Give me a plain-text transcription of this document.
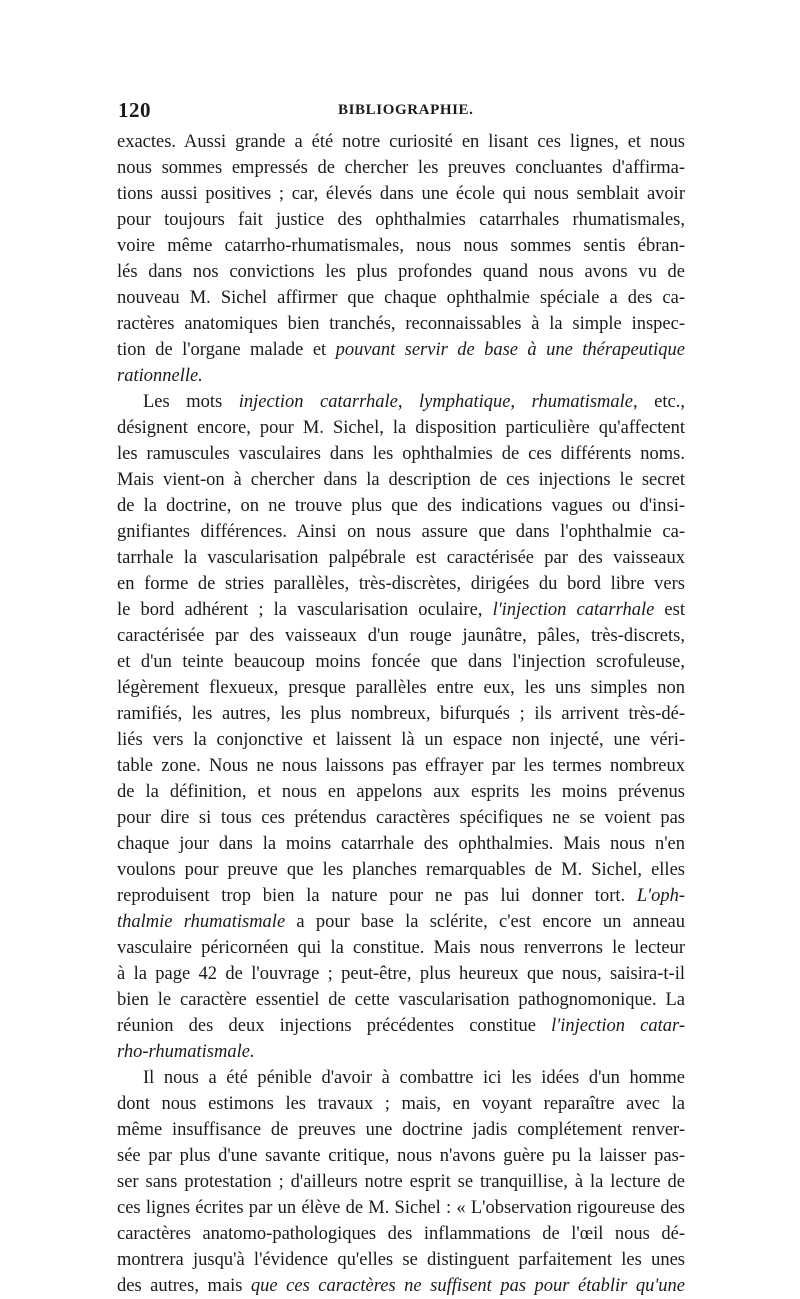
120	BIBLIOGRAPHIE.
exactes. Aussi grande a été notre curiosité en lisant ces lignes, et nous
nous sommes empressés de chercher les preuves concluantes d'affirma-
tions aussi positives ; car, élevés dans une école qui nous semblait avoir
pour toujours fait justice des ophthalmies catarrhales rhumatismales,
voire même catarrho-rhumatismales, nous nous sommes sentis ébran-
lés dans nos convictions les plus profondes quand nous avons vu de
nouveau M. Sichel affirmer que chaque ophthalmie spéciale a des ca-
ractères anatomiques bien tranchés, reconnaissables à la simple inspec-
tion de l'organe malade et pouvant servir de base à une thérapeutique
rationnelle.
Les mots injection catarrhale, lymphatique, rhumatismale, etc.,
désignent encore, pour M. Sichel, la disposition particulière qu'affectent
les ramuscules vasculaires dans les ophthalmies de ces différents noms.
Mais vient-on à chercher dans la description de ces injections le secret
de la doctrine, on ne trouve plus que des indications vagues ou d'insi-
gnifiantes différences. Ainsi on nous assure que dans l'ophthalmie ca-
tarrhale la vascularisation palpébrale est caractérisée par des vaisseaux
en forme de stries parallèles, très-discrètes, dirigées du bord libre vers
le bord adhérent ; la vascularisation oculaire, l'injection catarrhale est
caractérisée par des vaisseaux d'un rouge jaunâtre, pâles, très-discrets,
et d'un teinte beaucoup moins foncée que dans l'injection scrofuleuse,
légèrement flexueux, presque parallèles entre eux, les uns simples non
ramifiés, les autres, les plus nombreux, bifurqués ; ils arrivent très-dé-
liés vers la conjonctive et laissent là un espace non injecté, une véri-
table zone. Nous ne nous laissons pas effrayer par les termes nombreux
de la définition, et nous en appelons aux esprits les moins prévenus
pour dire si tous ces prétendus caractères spécifiques ne se voient pas
chaque jour dans la moins catarrhale des ophthalmies. Mais nous n'en
voulons pour preuve que les planches remarquables de M. Sichel, elles
reproduisent trop bien la nature pour ne pas lui donner tort. L'oph-
thalmie rhumatismale a pour base la sclérite, c'est encore un anneau
vasculaire péricornéen qui la constitue. Mais nous renverrons le lecteur
à la page 42 de l'ouvrage ; peut-être, plus heureux que nous, saisira-t-il
bien le caractère essentiel de cette vascularisation pathognomonique. La
réunion des deux injections précédentes constitue l'injection catar-
rho-rhumatismale.
Il nous a été pénible d'avoir à combattre ici les idées d'un homme
dont nous estimons les travaux ; mais, en voyant reparaître avec la
même insuffisance de preuves une doctrine jadis complétement renver-
sée par plus d'une savante critique, nous n'avons guère pu la laisser pas-
ser sans protestation ; d'ailleurs notre esprit se tranquillise, à la lecture de
ces lignes écrites par un élève de M. Sichel : « L'observation rigoureuse des
caractères anatomo-pathologiques des inflammations de l'œil nous dé-
montrera jusqu'à l'évidence qu'elles se distinguent parfaitement les unes
des autres, mais que ces caractères ne suffisent pas pour établir qu'une
